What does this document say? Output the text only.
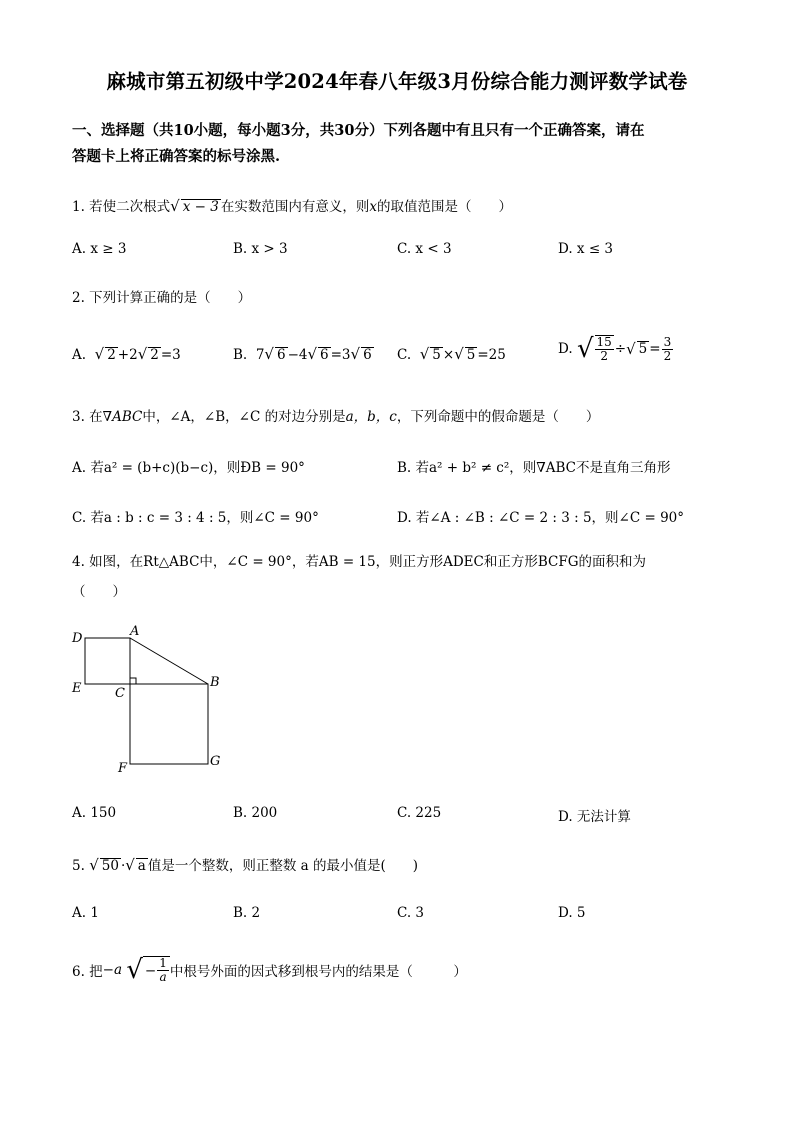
麻城市第五初级中学2024年春八年级3月份综合能力测评数学试卷
一、选择题（共10小题，每小题3分，共30分）下列各题中有且只有一个正确答案，请在
答题卡上将正确答案的标号涂黑.
1. 若使二次根式√ x − 3 在实数范围内有意义，则x的取值范围是（　　）
A. x ≥ 3	B. x > 3	C. x < 3	D. x ≤ 3
2. 下列计算正确的是（　　）
A. √ 2 +2√ 2 =3	B. 7√ 6 −4√ 6 =3√ 6 C. √ 5 ×√ 5 =25	D. √ $\frac{15}{2}$ ÷√ $5 = \frac{3}{2}$
3. 在∇ABC中，∠A，∠B，∠C 的对边分别是a，b，c，下列命题中的假命题是（　　）
A. 若a² = (b+c)(b−c)，则ÐB = 90°	B. 若a² + b² ≠ c²，则∇ABC不是直角三角形
C. 若a : b : c = 3 : 4 : 5，则∠C = 90°	D. 若∠A : ∠B : ∠C = 2 : 3 : 5，则∠C = 90°
4. 如图，在Rt△ABC中，∠C = 90°，若AB = 15，则正方形ADEC和正方形BCFG的面积和为
（　　）
D	A
E	C
B
F	G
A. 150	B. 200	C. 225	D. 无法计算
5. √ 50 ·√ a 值是一个整数，则正整数 a 的最小值是(　　)
A. 1	B. 2	C. 3	D. 5
6. 把−a √ − $\frac{1}{a}$ 中根号外面的因式移到根号内的结果是（　　　）
